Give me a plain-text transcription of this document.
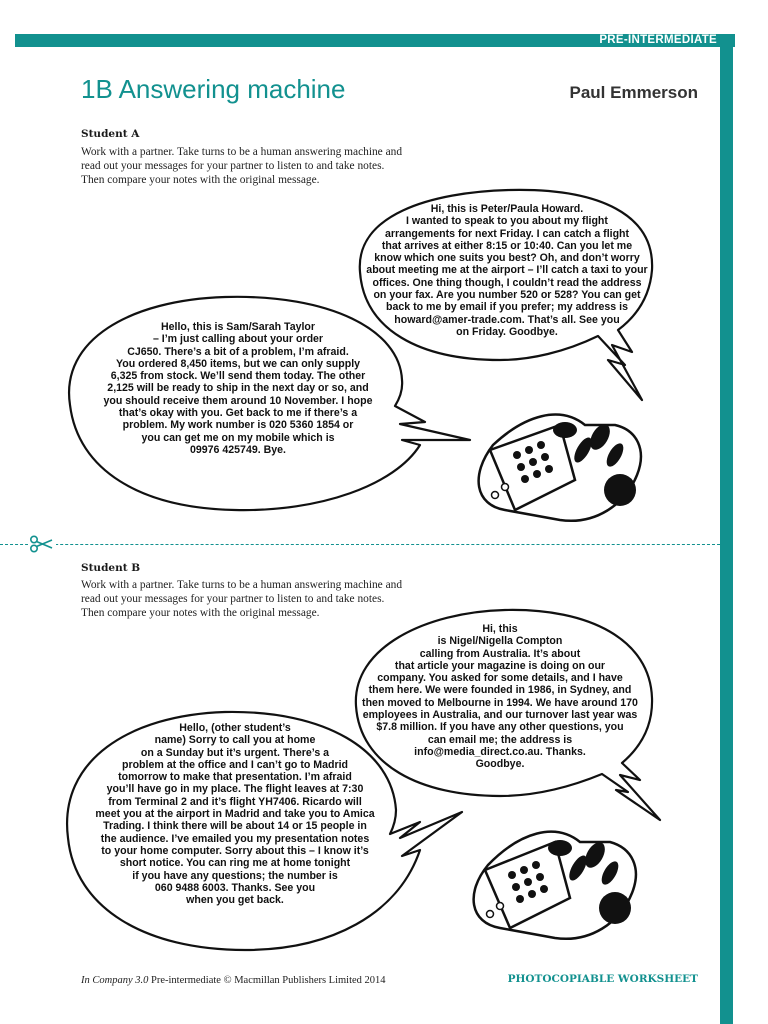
PRE-INTERMEDIATE
1B Answering machine	Paul Emmerson
Student A
Work with a partner. Take turns to be a human answering machine and
read out your messages for your partner to listen to and take notes.
Then compare your notes with the original message.
Student B
Work with a partner. Take turns to be a human answering machine and
read out your messages for your partner to listen to and take notes.
Then compare your notes with the original message.
Hi, this is Peter/Paula Howard.
I wanted to speak to you about my flight
arrangements for next Friday. I can catch a flight
that arrives at either 8:15 or 10:40. Can you let me
know which one suits you best? Oh, and don’t worry
about meeting me at the airport – I’ll catch a taxi to your
offices. One thing though, I couldn’t read the address
on your fax. Are you number 520 or 528? You can get
back to me by email if you prefer; my address is
howard@amer-trade.com. That’s all. See you
on Friday. Goodbye.
Hello, this is Sam/Sarah Taylor
– I’m just calling about your order
CJ650. There’s a bit of a problem, I’m afraid.
You ordered 8,450 items, but we can only supply
6,325 from stock. We’ll send them today. The other
2,125 will be ready to ship in the next day or so, and
you should receive them around 10 November. I hope
that’s okay with you. Get back to me if there’s a
problem. My work number is 020 5360 1854 or
you can get me on my mobile which is
09976 425749. Bye.
Hi, this
is Nigel/Nigella Compton
calling from Australia. It’s about
that article your magazine is doing on our
company. You asked for some details, and I have
them here. We were founded in 1986, in Sydney, and
then moved to Melbourne in 1994. We have around 170
employees in Australia, and our turnover last year was
$7.8 million. If you have any other questions, you
can email me; the address is
info@media_direct.co.au. Thanks.
Goodbye.
Hello, (other student’s
name) Sorry to call you at home
on a Sunday but it’s urgent. There’s a
problem at the office and I can’t go to Madrid
tomorrow to make that presentation. I’m afraid
you’ll have go in my place. The flight leaves at 7:30
from Terminal 2 and it’s flight YH7406. Ricardo will
meet you at the airport in Madrid and take you to Amica
Trading. I think there will be about 14 or 15 people in
the audience. I’ve emailed you my presentation notes
to your home computer. Sorry about this – I know it’s
short notice. You can ring me at home tonight
if you have any questions; the number is
060 9488 6003. Thanks. See you
when you get back.
In Company 3.0 Pre-intermediate © Macmillan Publishers Limited 2014	PHOTOCOPIABLE WORKSHEET
